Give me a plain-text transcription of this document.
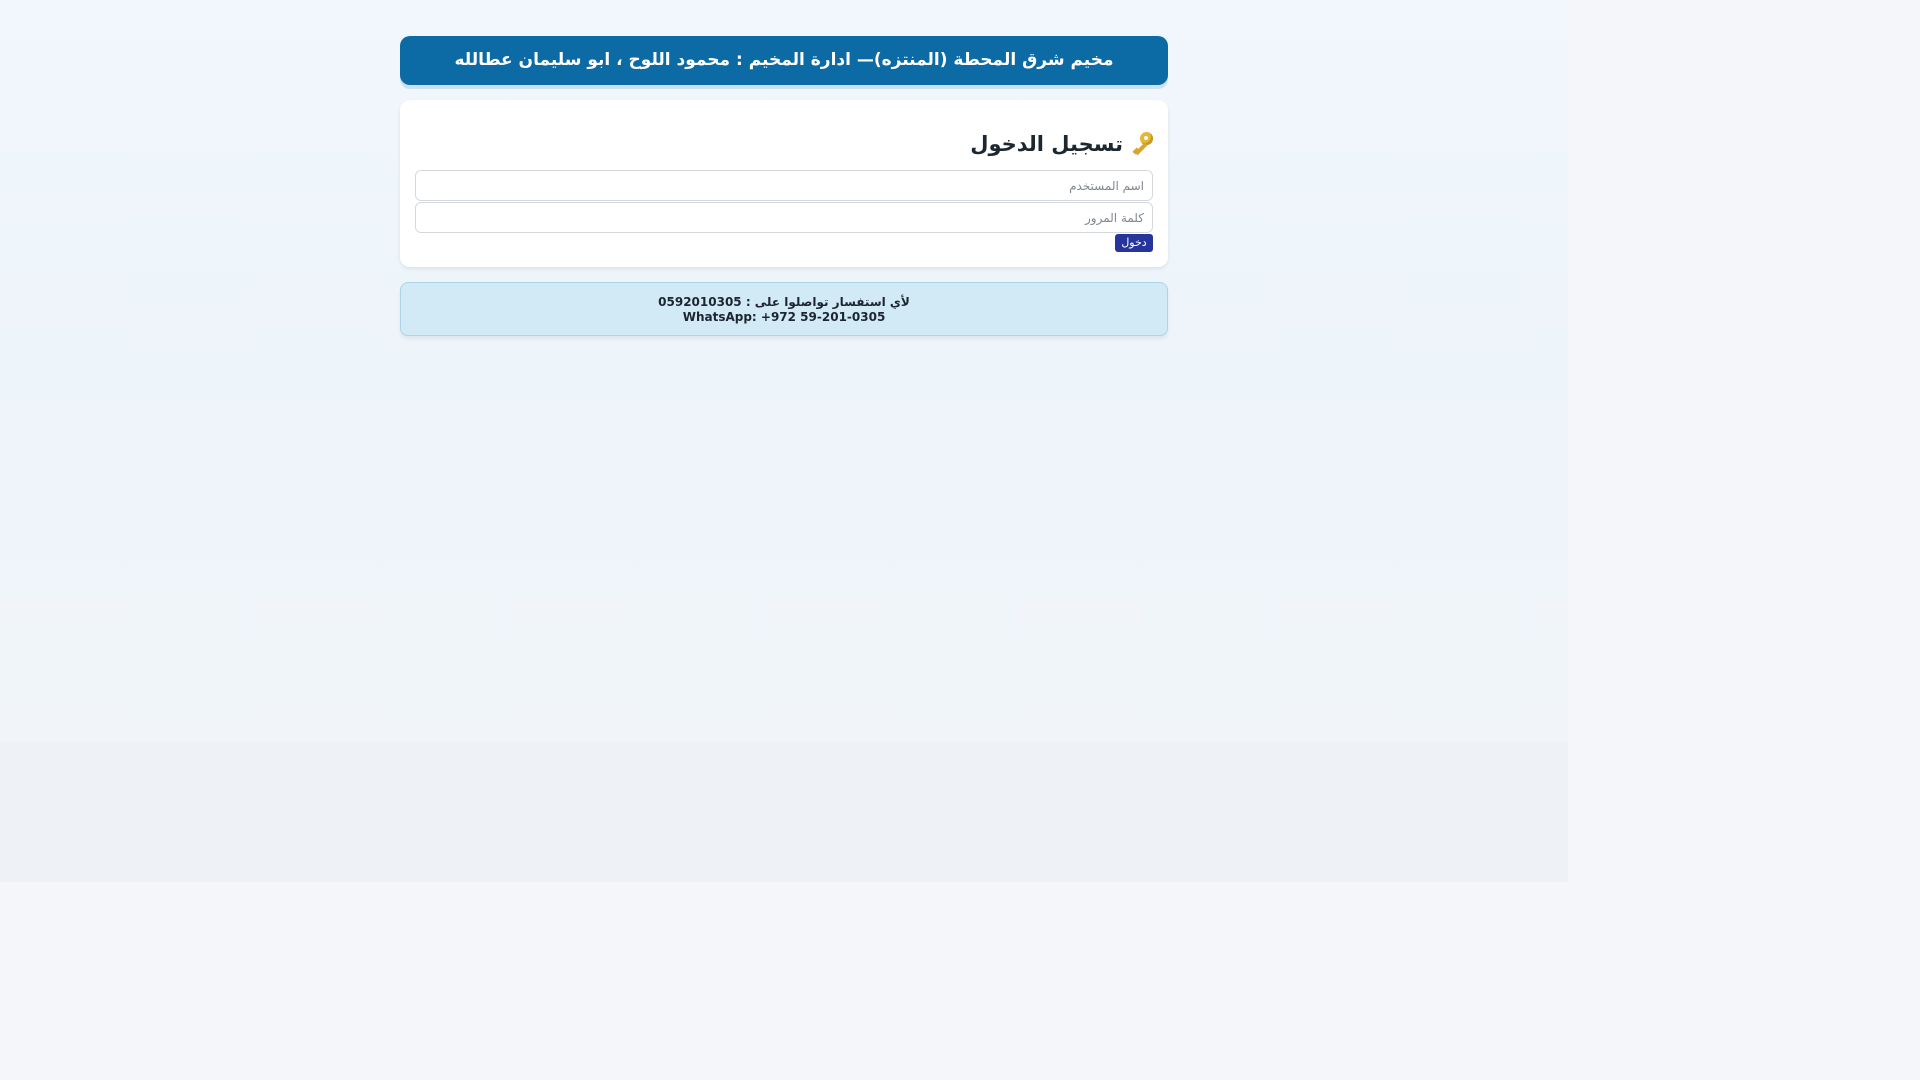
مخيم شرق المحطة (المنتزه)— ادارة المخيم : محمود اللوح ، ابو سليمان عطالله
تسجيل الدخول
اسم المستخدم
دخول
لأي استفسار تواصلوا على : 0592010305
WhatsApp: +972 59-201-0305
